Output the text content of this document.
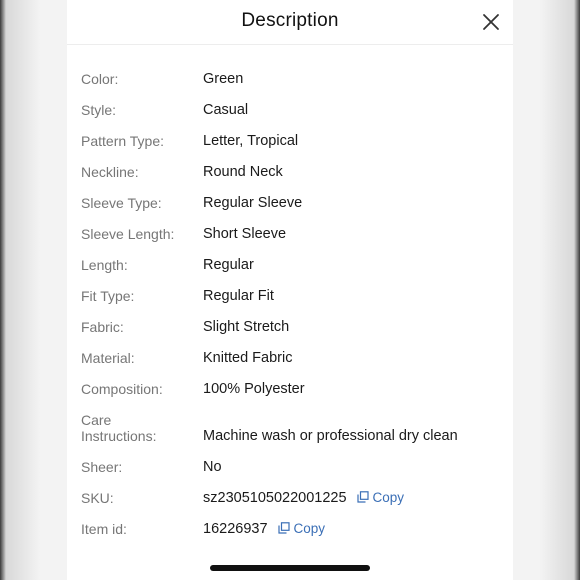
Description
Color:	Green
Style:	Casual
Pattern Type:	Letter, Tropical
Neckline:	Round Neck
Sleeve Type:	Regular Sleeve
Sleeve Length:	Short Sleeve
Length:	Regular
Fit Type:	Regular Fit
Fabric:	Slight Stretch
Material:	Knitted Fabric
Composition:	100% Polyester
Care Instructions:	Machine wash or professional dry clean
Sheer:	No
SKU:	sz2305105022001225 Copy
Item id:	16226937 Copy
